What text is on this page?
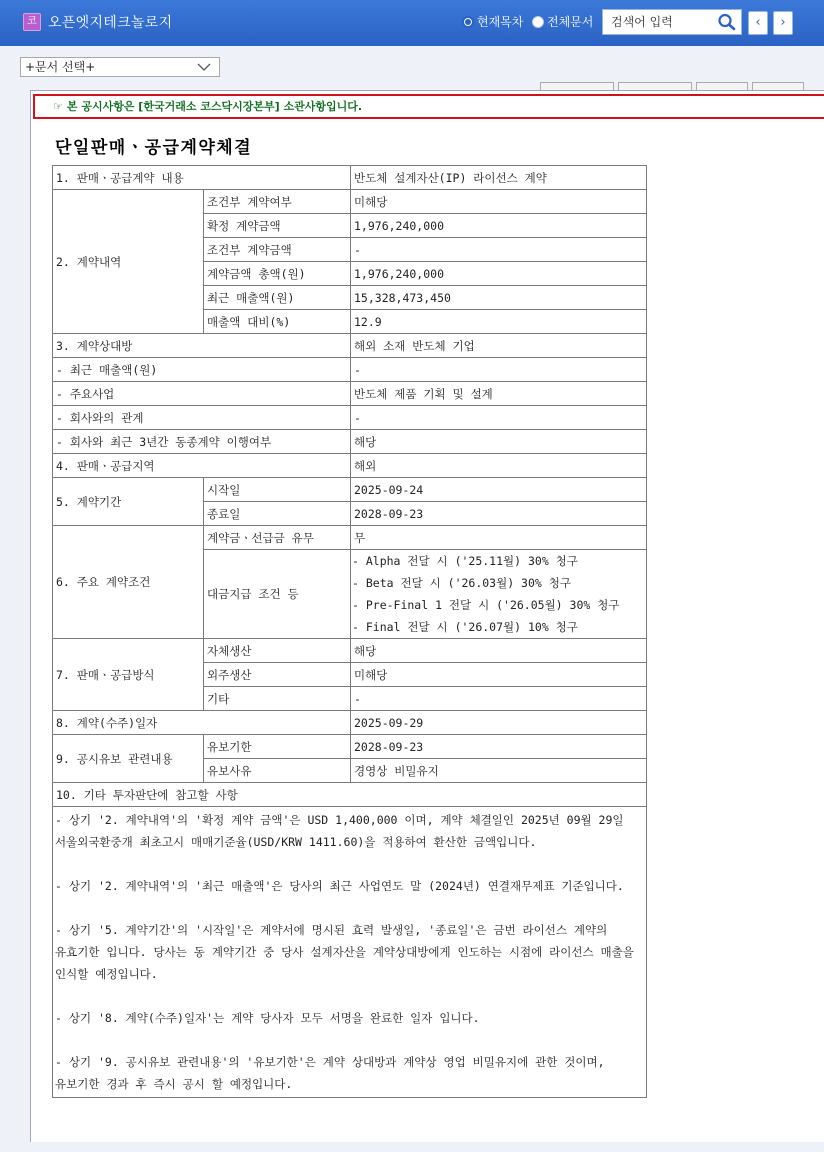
코 오픈엣지테크놀로지	현재목차 전체문서
검색어 입력	‹	›
+문서 선택+
☞ 본 공시사항은 [한국거래소 코스닥시장본부] 소관사항입니다.
단일판매ㆍ공급계약체결
1. 판매ㆍ공급계약 내용		반도체 설계자산(IP) 라이선스 계약
2. 계약내역	조건부 계약여부	미해당
	확정 계약금액	1,976,240,000
	조건부 계약금액	-
	계약금액 총액(원)	1,976,240,000
	최근 매출액(원)	15,328,473,450
	매출액 대비(%)	12.9
3. 계약상대방		해외 소재 반도체 기업
- 최근 매출액(원)		-
- 주요사업		반도체 제품 기획 및 설계
- 회사와의 관계		-
- 회사와 최근 3년간 동종계약 이행여부		해당
4. 판매ㆍ공급지역		해외
5. 계약기간	시작일	2025-09-24
	종료일	2028-09-23
6. 주요 계약조건	계약금ㆍ선급금 유무	무
	대금지급 조건 등	- Alpha 전달 시 ('25.11월) 30% 청구
- Beta 전달 시 ('26.03월) 30% 청구
- Pre-Final 1 전달 시 ('26.05월) 30% 청구
- Final 전달 시 ('26.07월) 10% 청구

7. 판매ㆍ공급방식	자체생산	해당
	외주생산	미해당
	기타	-
8. 계약(수주)일자		2025-09-29
9. 공시유보 관련내용	유보기한	2028-09-23
	유보사유	경영상 비밀유지
10. 기타 투자판단에 참고할 사항		

- 상기 '2. 계약내역'의 '확정 계약 금액'은 USD 1,400,000 이며, 계약 체결일인 2025년 09월 29일 서울외국환중개 최초고시 매매기준율(USD/KRW 1411.60)을 적용하여 환산한 금액입니다.

- 상기 '2. 계약내역'의 '최근 매출액'은 당사의 최근 사업연도 말 (2024년) 연결재무제표 기준입니다.

- 상기 '5. 계약기간'의 '시작일'은 계약서에 명시된 효력 발생일, '종료일'은 금번 라이선스 계약의 유효기한 입니다. 당사는 동 계약기간 중 당사 설계자산을 계약상대방에게 인도하는 시점에 라이선스 매출을 인식할 예정입니다.

- 상기 '8. 계약(수주)일자'는 계약 당사자 모두 서명을 완료한 일자 입니다.

- 상기 '9. 공시유보 관련내용'의 '유보기한'은 계약 상대방과 계약상 영업 비밀유지에 관한 것이며, 유보기한 경과 후 즉시 공시 할 예정입니다.		
